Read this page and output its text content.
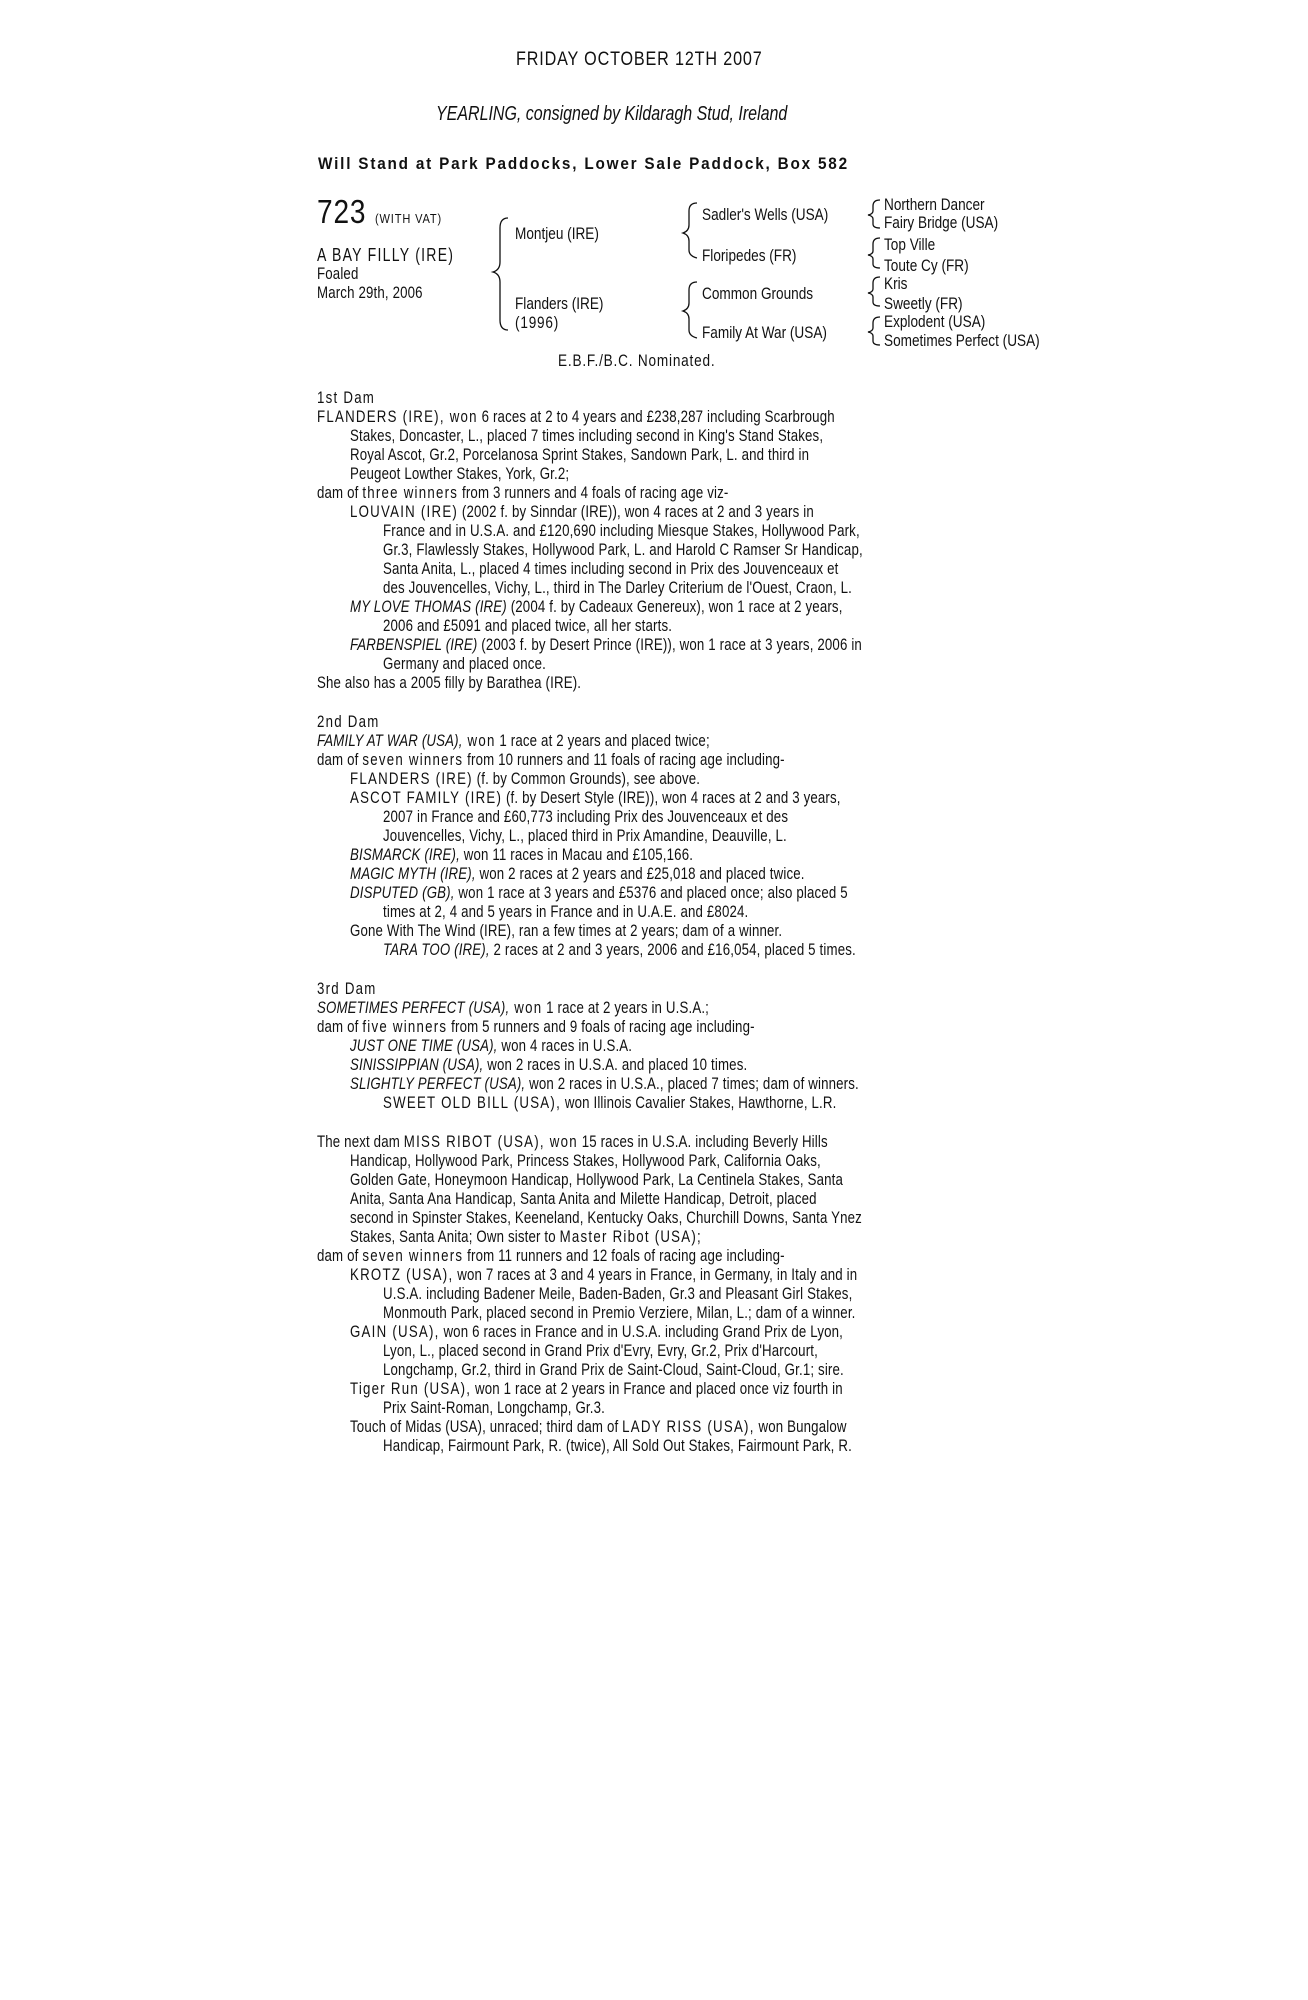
FRIDAY OCTOBER 12TH 2007
YEARLING, consigned by Kildaragh Stud, Ireland
Will Stand at Park Paddocks, Lower Sale Paddock, Box 582
723 (WITH VAT)
A BAY FILLY (IRE)
Foaled
March 29th, 2006
Montjeu (IRE)
Flanders (IRE)
(1996)
Sadler's Wells (USA)
Floripedes (FR)
Common Grounds
Family At War (USA)
Northern Dancer
Fairy Bridge (USA)
Top Ville
Toute Cy (FR)
Kris
Sweetly (FR)
Explodent (USA)
Sometimes Perfect (USA)
E.B.F./B.C. Nominated.
1st Dam
FLANDERS (IRE), won 6 races at 2 to 4 years and £238,287 including Scarbrough
Stakes, Doncaster, L., placed 7 times including second in King's Stand Stakes,
Royal Ascot, Gr.2, Porcelanosa Sprint Stakes, Sandown Park, L. and third in
Peugeot Lowther Stakes, York, Gr.2;
dam of three winners from 3 runners and 4 foals of racing age viz-
LOUVAIN (IRE) (2002 f. by Sinndar (IRE)), won 4 races at 2 and 3 years in
France and in U.S.A. and £120,690 including Miesque Stakes, Hollywood Park,
Gr.3, Flawlessly Stakes, Hollywood Park, L. and Harold C Ramser Sr Handicap,
Santa Anita, L., placed 4 times including second in Prix des Jouvenceaux et
des Jouvencelles, Vichy, L., third in The Darley Criterium de l'Ouest, Craon, L.
MY LOVE THOMAS (IRE) (2004 f. by Cadeaux Genereux), won 1 race at 2 years,
2006 and £5091 and placed twice, all her starts.
FARBENSPIEL (IRE) (2003 f. by Desert Prince (IRE)), won 1 race at 3 years, 2006 in
Germany and placed once.
She also has a 2005 filly by Barathea (IRE).
2nd Dam
FAMILY AT WAR (USA), won 1 race at 2 years and placed twice;
dam of seven winners from 10 runners and 11 foals of racing age including-
FLANDERS (IRE) (f. by Common Grounds), see above.
ASCOT FAMILY (IRE) (f. by Desert Style (IRE)), won 4 races at 2 and 3 years,
2007 in France and £60,773 including Prix des Jouvenceaux et des
Jouvencelles, Vichy, L., placed third in Prix Amandine, Deauville, L.
BISMARCK (IRE), won 11 races in Macau and £105,166.
MAGIC MYTH (IRE), won 2 races at 2 years and £25,018 and placed twice.
DISPUTED (GB), won 1 race at 3 years and £5376 and placed once; also placed 5
times at 2, 4 and 5 years in France and in U.A.E. and £8024.
Gone With The Wind (IRE), ran a few times at 2 years; dam of a winner.
TARA TOO (IRE), 2 races at 2 and 3 years, 2006 and £16,054, placed 5 times.
3rd Dam
SOMETIMES PERFECT (USA), won 1 race at 2 years in U.S.A.;
dam of five winners from 5 runners and 9 foals of racing age including-
JUST ONE TIME (USA), won 4 races in U.S.A.
SINISSIPPIAN (USA), won 2 races in U.S.A. and placed 10 times.
SLIGHTLY PERFECT (USA), won 2 races in U.S.A., placed 7 times; dam of winners.
SWEET OLD BILL (USA), won Illinois Cavalier Stakes, Hawthorne, L.R.
The next dam MISS RIBOT (USA), won 15 races in U.S.A. including Beverly Hills
Handicap, Hollywood Park, Princess Stakes, Hollywood Park, California Oaks,
Golden Gate, Honeymoon Handicap, Hollywood Park, La Centinela Stakes, Santa
Anita, Santa Ana Handicap, Santa Anita and Milette Handicap, Detroit, placed
second in Spinster Stakes, Keeneland, Kentucky Oaks, Churchill Downs, Santa Ynez
Stakes, Santa Anita; Own sister to Master Ribot (USA);
dam of seven winners from 11 runners and 12 foals of racing age including-
KROTZ (USA), won 7 races at 3 and 4 years in France, in Germany, in Italy and in
U.S.A. including Badener Meile, Baden-Baden, Gr.3 and Pleasant Girl Stakes,
Monmouth Park, placed second in Premio Verziere, Milan, L.; dam of a winner.
GAIN (USA), won 6 races in France and in U.S.A. including Grand Prix de Lyon,
Lyon, L., placed second in Grand Prix d'Evry, Evry, Gr.2, Prix d'Harcourt,
Longchamp, Gr.2, third in Grand Prix de Saint-Cloud, Saint-Cloud, Gr.1; sire.
Tiger Run (USA), won 1 race at 2 years in France and placed once viz fourth in
Prix Saint-Roman, Longchamp, Gr.3.
Touch of Midas (USA), unraced; third dam of LADY RISS (USA), won Bungalow
Handicap, Fairmount Park, R. (twice), All Sold Out Stakes, Fairmount Park, R.
